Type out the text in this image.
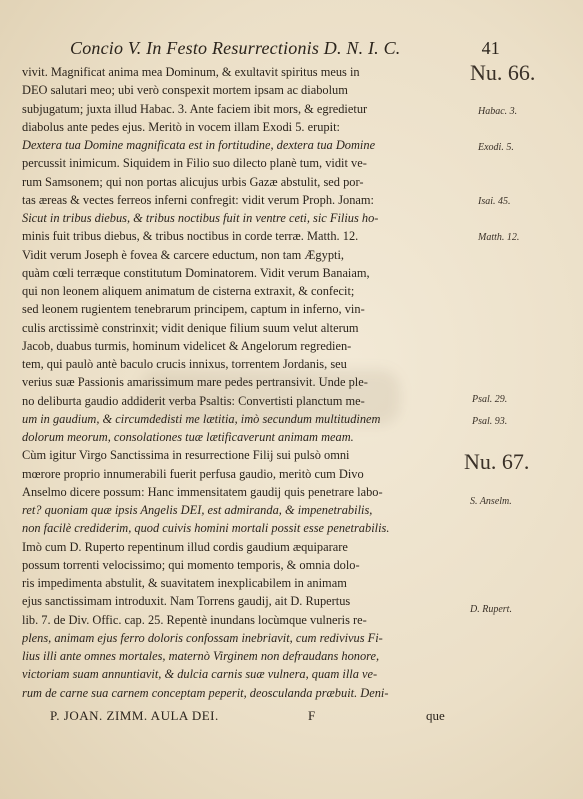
Concio V. In Festo Resurrectionis D. N. I. C.	41
vivit. Magnificat anima mea Dominum, & exultavit spiritus meus in
DEO salutari meo; ubi verò conspexit mortem ipsam ac diabolum
subjugatum; juxta illud Habac. 3. Ante faciem ibit mors, & egredietur
diabolus ante pedes ejus. Meritò in vocem illam Exodi 5. erupit:
Dextera tua Domine magnificata est in fortitudine, dextera tua Domine
percussit inimicum. Siquidem in Filio suo dilecto planè tum, vidit ve-
rum Samsonem; qui non portas alicujus urbis Gazæ abstulit, sed por-
tas æreas & vectes ferreos inferni confregit: vidit verum Proph. Jonam:
Sicut in tribus diebus, & tribus noctibus fuit in ventre ceti, sic Filius ho-
minis fuit tribus diebus, & tribus noctibus in corde terræ. Matth. 12.
Vidit verum Joseph è fovea & carcere eductum, non tam Ægypti,
quàm cœli terræque constitutum Dominatorem. Vidit verum Banaiam,
qui non leonem aliquem animatum de cisterna extraxit, & confecit;
sed leonem rugientem tenebrarum principem, captum in inferno, vin-
culis arctissimè constrinxit; vidit denique filium suum velut alterum
Jacob, duabus turmis, hominum videlicet & Angelorum regredien-
tem, qui paulò antè baculo crucis innixus, torrentem Jordanis, seu
verius suæ Passionis amarissimum mare pedes pertransivit. Unde ple-
no deliburta gaudio addiderit verba Psaltis: Convertisti planctum me-
um in gaudium, & circumdedisti me lætitia, imò secundum multitudinem
dolorum meorum, consolationes tuæ lætificaverunt animam meam.
Cùm igitur Virgo Sanctissima in resurrectione Filij sui pulsò omni
mœrore proprio innumerabili fuerit perfusa gaudio, meritò cum Divo
Anselmo dicere possum: Hanc immensitatem gaudij quis penetrare labo-
ret? quoniam quæ ipsis Angelis DEI, est admiranda, & impenetrabilis,
non facilè crediderim, quod cuivis homini mortali possit esse penetrabilis.
Imò cum D. Ruperto repentinum illud cordis gaudium æquiparare
possum torrenti velocissimo; qui momento temporis, & omnia dolo-
ris impedimenta abstulit, & suavitatem inexplicabilem in animam
ejus sanctissimam introduxit. Nam Torrens gaudij, ait D. Rupertus
lib. 7. de Div. Offic. cap. 25. Repentè inundans locùmque vulneris re-
plens, animam ejus ferro doloris confossam inebriavit, cum redivivus Fi-
lius illi ante omnes mortales, maternò Virginem non defraudans honore,
victoriam suam annuntiavit, & dulcia carnis suæ vulnera, quam illa ve-
rum de carne sua carnem conceptam peperit, deosculanda præbuit. Deni-
Nu. 66.
Habac. 3.
Exodi. 5.
Isai. 45.
Matth. 12.
Psal. 29.
Psal. 93.
Nu. 67.
S. Anselm.
D. Rupert.
P. JOAN. ZIMM. AULA DEI.	F	que
